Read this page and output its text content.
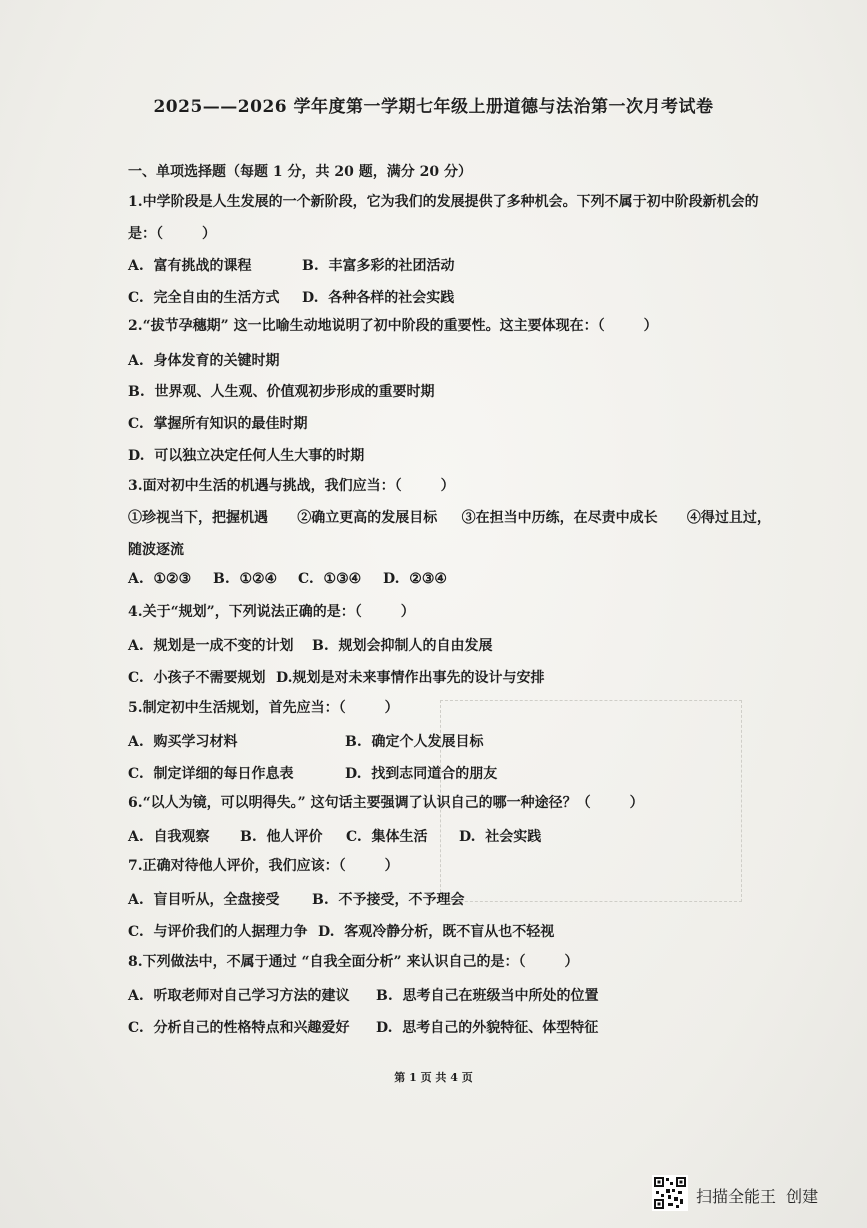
2025——2026 学年度第一学期七年级上册道德与法治第一次月考试卷
一、单项选择题（每题 1 分，共 20 题，满分 20 分）
1.中学阶段是人生发展的一个新阶段，它为我们的发展提供了多种机会。下列不属于初中阶段新机会的
是：（        ）
A.  富有挑战的课程	B.  丰富多彩的社团活动
C.  完全自由的生活方式 D.  各种各样的社会实践
2.“拔节孕穗期” 这一比喻生动地说明了初中阶段的重要性。这主要体现在：（        ）
A.  身体发育的关键时期
B.  世界观、人生观、价值观初步形成的重要时期
C.  掌握所有知识的最佳时期
D.  可以独立决定任何人生大事的时期
3.面对初中生活的机遇与挑战，我们应当：（        ）
①珍视当下，把握机遇      ②确立更高的发展目标     ③在担当中历练，在尽责中成长      ④得过且过，
随波逐流
A.  ①②③ B.  ①②④ C.  ①③④ D.  ②③④
4.关于“规划”，下列说法正确的是：（        ）
A.  规划是一成不变的计划 B.  规划会抑制人的自由发展
C.  小孩子不需要规划 D.规划是对未来事情作出事先的设计与安排
5.制定初中生活规划，首先应当：（        ）
A.  购买学习材料	B.  确定个人发展目标
C.  制定详细的每日作息表	D.  找到志同道合的朋友
6.“以人为镜，可以明得失。” 这句话主要强调了认识自己的哪一种途径？（        ）
A.  自我观察 B.  他人评价 C.  集体生活 D.  社会实践
7.正确对待他人评价，我们应该：（        ）
A.  盲目听从，全盘接受 B.  不予接受，不予理会
C.  与评价我们的人据理力争 D.  客观冷静分析，既不盲从也不轻视
8.下列做法中，不属于通过 “自我全面分析” 来认识自己的是：（        ）
A.  听取老师对自己学习方法的建议 B.  思考自己在班级当中所处的位置
C.  分析自己的性格特点和兴趣爱好 D.  思考自己的外貌特征、体型特征
第 1 页 共 4 页
扫描全能王  创建
